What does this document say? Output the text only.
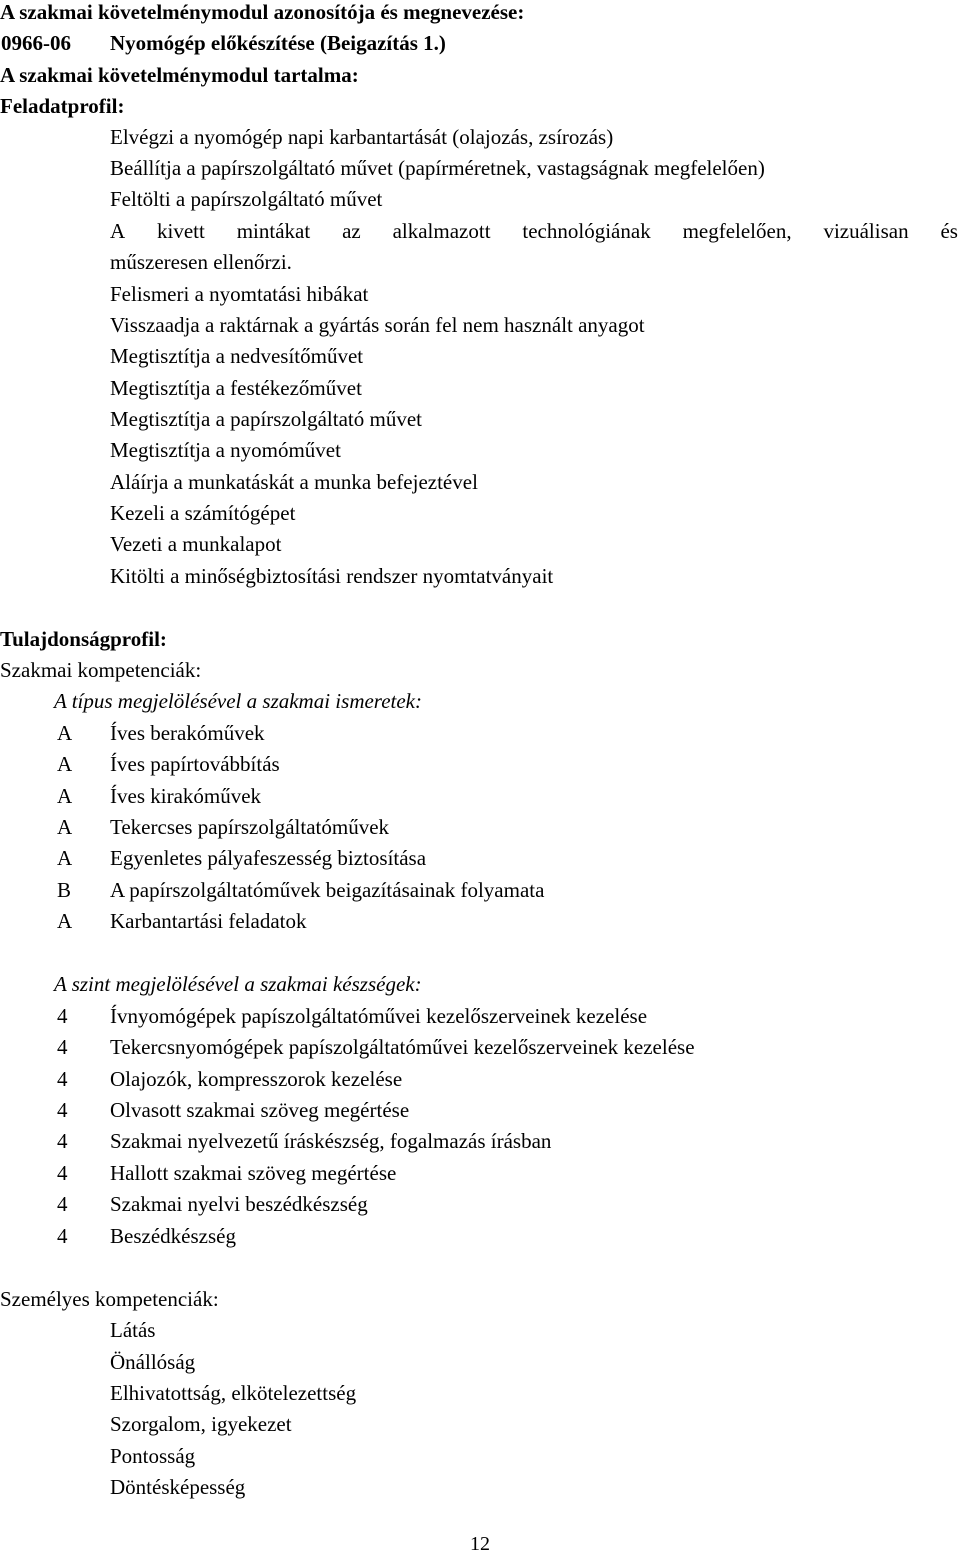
A szakmai követelménymodul azonosítója és megnevezése:
0966-06 Nyomógép előkészítése (Beigazítás 1.)
A szakmai követelménymodul tartalma:
Feladatprofil:
Elvégzi a nyomógép napi karbantartását (olajozás, zsírozás)
Beállítja a papírszolgáltató művet (papírméretnek, vastagságnak megfelelően)
Feltölti a papírszolgáltató művet
A kivett mintákat az alkalmazott technológiának megfelelően, vizuálisan és
műszeresen ellenőrzi.
Felismeri a nyomtatási hibákat
Visszaadja a raktárnak a gyártás során fel nem használt anyagot
Megtisztítja a nedvesítőművet
Megtisztítja a festékezőművet
Megtisztítja a papírszolgáltató művet
Megtisztítja a nyomóművet
Aláírja a munkatáskát a munka befejeztével
Kezeli a számítógépet
Vezeti a munkalapot
Kitölti a minőségbiztosítási rendszer nyomtatványait
Tulajdonságprofil:
Szakmai kompetenciák:
A típus megjelölésével a szakmai ismeretek:
A Íves berakóművek
A Íves papírtovábbítás
A Íves kirakóművek
A Tekercses papírszolgáltatóművek
A Egyenletes pályafeszesség biztosítása
B A papírszolgáltatóművek beigazításainak folyamata
A Karbantartási feladatok
A szint megjelölésével a szakmai készségek:
4 Ívnyomógépek papíszolgáltatóművei kezelőszerveinek kezelése
4 Tekercsnyomógépek papíszolgáltatóművei kezelőszerveinek kezelése
4 Olajozók, kompresszorok kezelése
4 Olvasott szakmai szöveg megértése
4 Szakmai nyelvezetű íráskészség, fogalmazás írásban
4 Hallott szakmai szöveg megértése
4 Szakmai nyelvi beszédkészség
4 Beszédkészség
Személyes kompetenciák:
Látás
Önállóság
Elhivatottság, elkötelezettség
Szorgalom, igyekezet
Pontosság
Döntésképesség
12
